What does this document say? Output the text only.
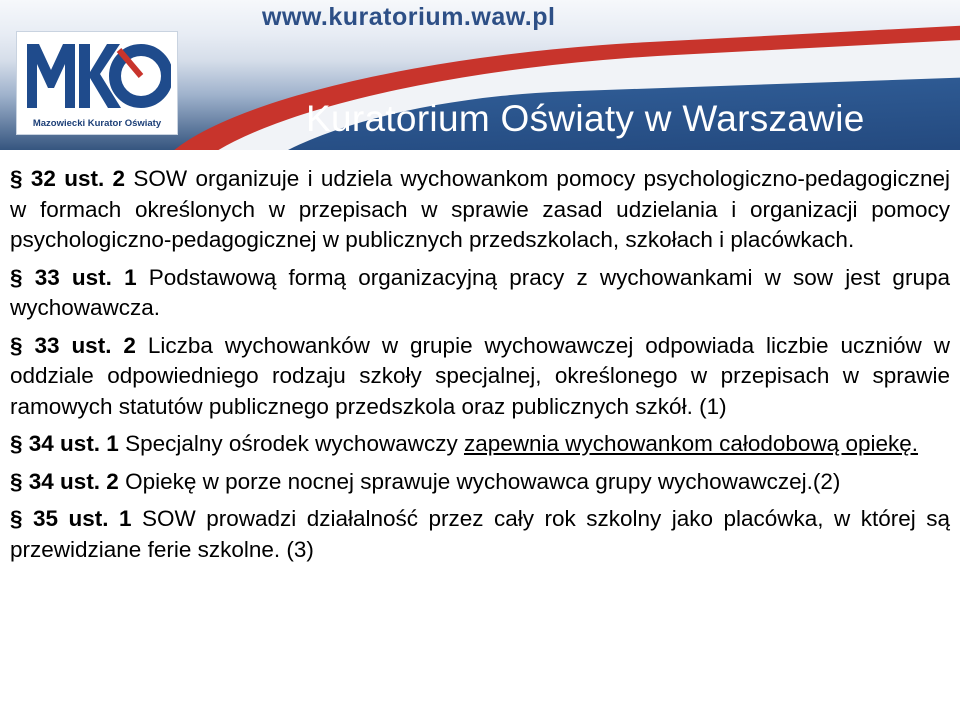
www.kuratorium.waw.pl
Mazowiecki Kurator Oświaty	Kuratorium Oświaty w Warszawie

§ 32 ust. 2 SOW organizuje i udziela wychowankom pomocy psychologiczno-pedagogicznej w formach określonych w przepisach w sprawie zasad udzielania i organizacji pomocy psychologiczno-pedagogicznej w publicznych przedszkolach, szkołach i placówkach.

§ 33 ust. 1 Podstawową formą organizacyjną pracy z wychowankami w sow jest grupa wychowawcza.

§ 33 ust. 2 Liczba wychowanków w grupie wychowawczej odpowiada liczbie uczniów w oddziale odpowiedniego rodzaju szkoły specjalnej, określonego w przepisach w sprawie ramowych statutów publicznego przedszkola oraz publicznych szkół. (1)

§ 34 ust. 1 Specjalny ośrodek wychowawczy zapewnia wychowankom całodobową opiekę.

§ 34 ust. 2 Opiekę w porze nocnej sprawuje wychowawca grupy wychowawczej.(2)

§ 35 ust. 1 SOW prowadzi działalność przez cały rok szkolny jako placówka, w której są przewidziane ferie szkolne. (3)
